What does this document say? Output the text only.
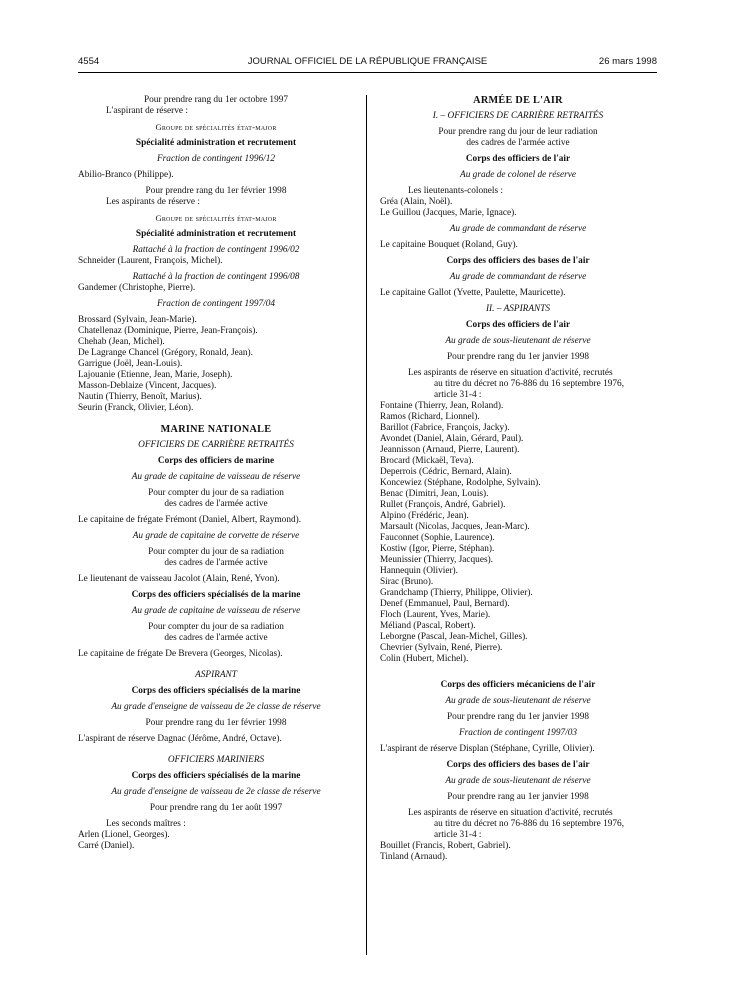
4554	JOURNAL OFFICIEL DE LA RÉPUBLIQUE FRANÇAISE	26 mars 1998
Pour prendre rang du 1er octobre 1997
L'aspirant de réserve :
Groupe de spécialités état-major
Spécialité administration et recrutement
Fraction de contingent 1996/12
Abilio-Branco (Philippe).
Pour prendre rang du 1er février 1998
Les aspirants de réserve :
Groupe de spécialités état-major
Spécialité administration et recrutement
Rattaché à la fraction de contingent 1996/02
Schneider (Laurent, François, Michel).
Rattaché à la fraction de contingent 1996/08
Gandemer (Christophe, Pierre).
Fraction de contingent 1997/04
Brossard (Sylvain, Jean-Marie).
Chatellenaz (Dominique, Pierre, Jean-François).
Chehab (Jean, Michel).
De Lagrange Chancel (Grégory, Ronald, Jean).
Garrigue (Joël, Jean-Louis).
Lajouanie (Etienne, Jean, Marie, Joseph).
Masson-Deblaize (Vincent, Jacques).
Nautin (Thierry, Benoît, Marius).
Seurin (Franck, Olivier, Léon).
MARINE NATIONALE
OFFICIERS DE CARRIÈRE RETRAITÉS
Corps des officiers de marine
Au grade de capitaine de vaisseau de réserve
Pour compter du jour de sa radiation
des cadres de l'armée active
Le capitaine de frégate Frémont (Daniel, Albert, Raymond).
Au grade de capitaine de corvette de réserve
Pour compter du jour de sa radiation
des cadres de l'armée active
Le lieutenant de vaisseau Jacolot (Alain, René, Yvon).
Corps des officiers spécialisés de la marine
Au grade de capitaine de vaisseau de réserve
Pour compter du jour de sa radiation
des cadres de l'armée active
Le capitaine de frégate De Brevera (Georges, Nicolas).
ASPIRANT
Corps des officiers spécialisés de la marine
Au grade d'enseigne de vaisseau de 2e classe de réserve
Pour prendre rang du 1er février 1998
L'aspirant de réserve Dagnac (Jérôme, André, Octave).
OFFICIERS MARINIERS
Corps des officiers spécialisés de la marine
Au grade d'enseigne de vaisseau de 2e classe de réserve
Pour prendre rang du 1er août 1997
Les seconds maîtres :
Arlen (Lionel, Georges).
Carré (Daniel).
ARMÉE DE L'AIR
I. – OFFICIERS DE CARRIÈRE RETRAITÉS
Pour prendre rang du jour de leur radiation
des cadres de l'armée active
Corps des officiers de l'air
Au grade de colonel de réserve
Les lieutenants-colonels :
Gréa (Alain, Noël).
Le Guillou (Jacques, Marie, Ignace).
Au grade de commandant de réserve
Le capitaine Bouquet (Roland, Guy).
Corps des officiers des bases de l'air
Au grade de commandant de réserve
Le capitaine Gallot (Yvette, Paulette, Mauricette).
II. – ASPIRANTS
Corps des officiers de l'air
Au grade de sous-lieutenant de réserve
Pour prendre rang du 1er janvier 1998
Les aspirants de réserve en situation d'activité, recrutés
au titre du décret no 76-886 du 16 septembre 1976,
article 31-4 :
Fontaine (Thierry, Jean, Roland).
Ramos (Richard, Lionnel).
Barillot (Fabrice, François, Jacky).
Avondet (Daniel, Alain, Gérard, Paul).
Jeannisson (Arnaud, Pierre, Laurent).
Brocard (Mickaël, Teva).
Deperrois (Cédric, Bernard, Alain).
Koncewiez (Stéphane, Rodolphe, Sylvain).
Benac (Dimitri, Jean, Louis).
Rullet (François, André, Gabriel).
Alpino (Frédéric, Jean).
Marsault (Nicolas, Jacques, Jean-Marc).
Fauconnet (Sophie, Laurence).
Kostiw (Igor, Pierre, Stéphan).
Meunissier (Thierry, Jacques).
Hannequin (Olivier).
Sirac (Bruno).
Grandchamp (Thierry, Philippe, Olivier).
Denef (Emmanuel, Paul, Bernard).
Floch (Laurent, Yves, Marie).
Méliand (Pascal, Robert).
Leborgne (Pascal, Jean-Michel, Gilles).
Chevrier (Sylvain, René, Pierre).
Colin (Hubert, Michel).
Corps des officiers mécaniciens de l'air
Au grade de sous-lieutenant de réserve
Pour prendre rang du 1er janvier 1998
Fraction de contingent 1997/03
L'aspirant de réserve Displan (Stéphane, Cyrille, Olivier).
Corps des officiers des bases de l'air
Au grade de sous-lieutenant de réserve
Pour prendre rang au 1er janvier 1998
Les aspirants de réserve en situation d'activité, recrutés
au titre du décret no 76-886 du 16 septembre 1976,
article 31-4 :
Bouillet (Francis, Robert, Gabriel).
Tinland (Arnaud).
